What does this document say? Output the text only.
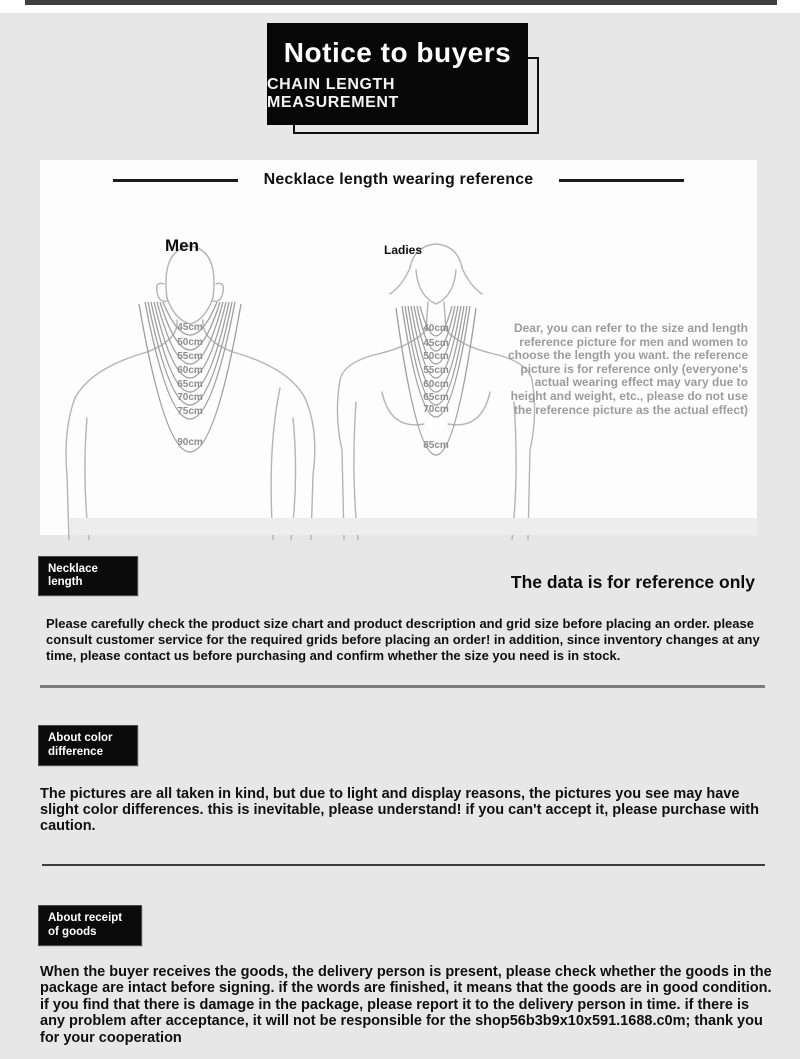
Notice to buyers
CHAIN LENGTH MEASUREMENT
Necklace length wearing reference
Men
45cm
50cm
55cm
60cm
65cm
70cm
75cm
90cm
Ladies
40cm
45cm
50cm
55cm
60cm
65cm
70cm
85cm
Dear, you can refer to the size and length reference picture for men and women to choose the length you want. the reference picture is for reference only (everyone's actual wearing effect may vary due to height and weight, etc., please do not use the reference picture as the actual effect)
Necklace length	The data is for reference only
Please carefully check the product size chart and product description and grid size before placing an order. please consult customer service for the required grids before placing an order! in addition, since inventory changes at any time, please contact us before purchasing and confirm whether the size you need is in stock.
About color difference
The pictures are all taken in kind, but due to light and display reasons, the pictures you see may have slight color differences. this is inevitable, please understand! if you can't accept it, please purchase with caution.
About receipt of goods
When the buyer receives the goods, the delivery person is present, please check whether the goods in the package are intact before signing. if the words are finished, it means that the goods are in good condition. if you find that there is damage in the package, please report it to the delivery person in time. if there is any problem after acceptance, it will not be responsible for the shop56b3b9x10x591.1688.c0m; thank you for your cooperation
